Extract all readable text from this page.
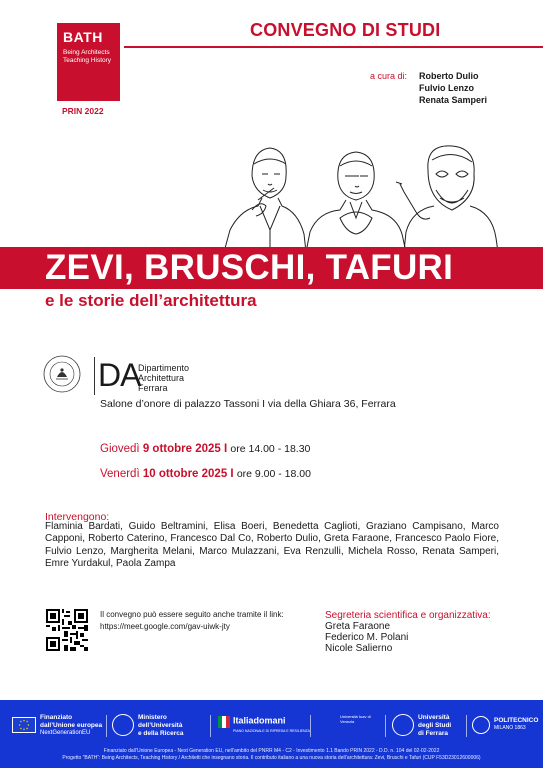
BATH
Being Architects
Teaching History
PRIN 2022
CONVEGNO DI STUDI
a cura di: Roberto Dulio
Fulvio Lenzo
Renata Samperi
ZEVI, BRUSCHI, TAFURI
e le storie dell’architettura
DA
Dipartimento
Architettura
Ferrara
Salone d’onore di palazzo Tassoni I via della Ghiara 36, Ferrara
Giovedì 9 ottobre 2025 I ore 14.00 - 18.30
Venerdì 10 ottobre 2025 I ore 9.00 - 18.00
Intervengono:
Flaminia Bardati, Guido Beltramini, Elisa Boeri, Benedetta Caglioti, Graziano Campisano, Marco Capponi, Roberto Caterino, Francesco Dal Co, Roberto Dulio, Greta Faraone, Francesco Paolo Fiore, Fulvio Lenzo, Margherita Melani, Marco Mulazzani, Eva Renzulli, Michela Rosso, Renata Samperi, Emre Yurdakul, Paola Zampa
Il convegno può essere seguito anche tramite il link:
https://meet.google.com/gav-uiwk-jty
Segreteria scientifica e organizzativa:
Greta Faraone
Federico M. Polani
Nicole Salierno
Finanziato
dall’Unione europea
NextGenerationEU
Ministero
dell’Università
e della Ricerca
Italiadomani
PIANO NAZIONALE DI RIPRESA E RESILIENZA
Università Iuav di Venezia
Università
degli Studi
di Ferrara
POLITECNICO
MILANO 1863
Finanziato dall’Unione Europea - Next Generation EU, nell’ambito del PNRR M4 - C2 - Investimento 1.1 Bando PRIN 2022 - D.D. n. 104 del 02-02-2022
Progetto “BATH”: Being Architects, Teaching History / Architetti che insegnano storia. Il contributo italiano a una nuova storia dell’architettura: Zevi, Bruschi e Tafuri (CUP F53D23012600006)
